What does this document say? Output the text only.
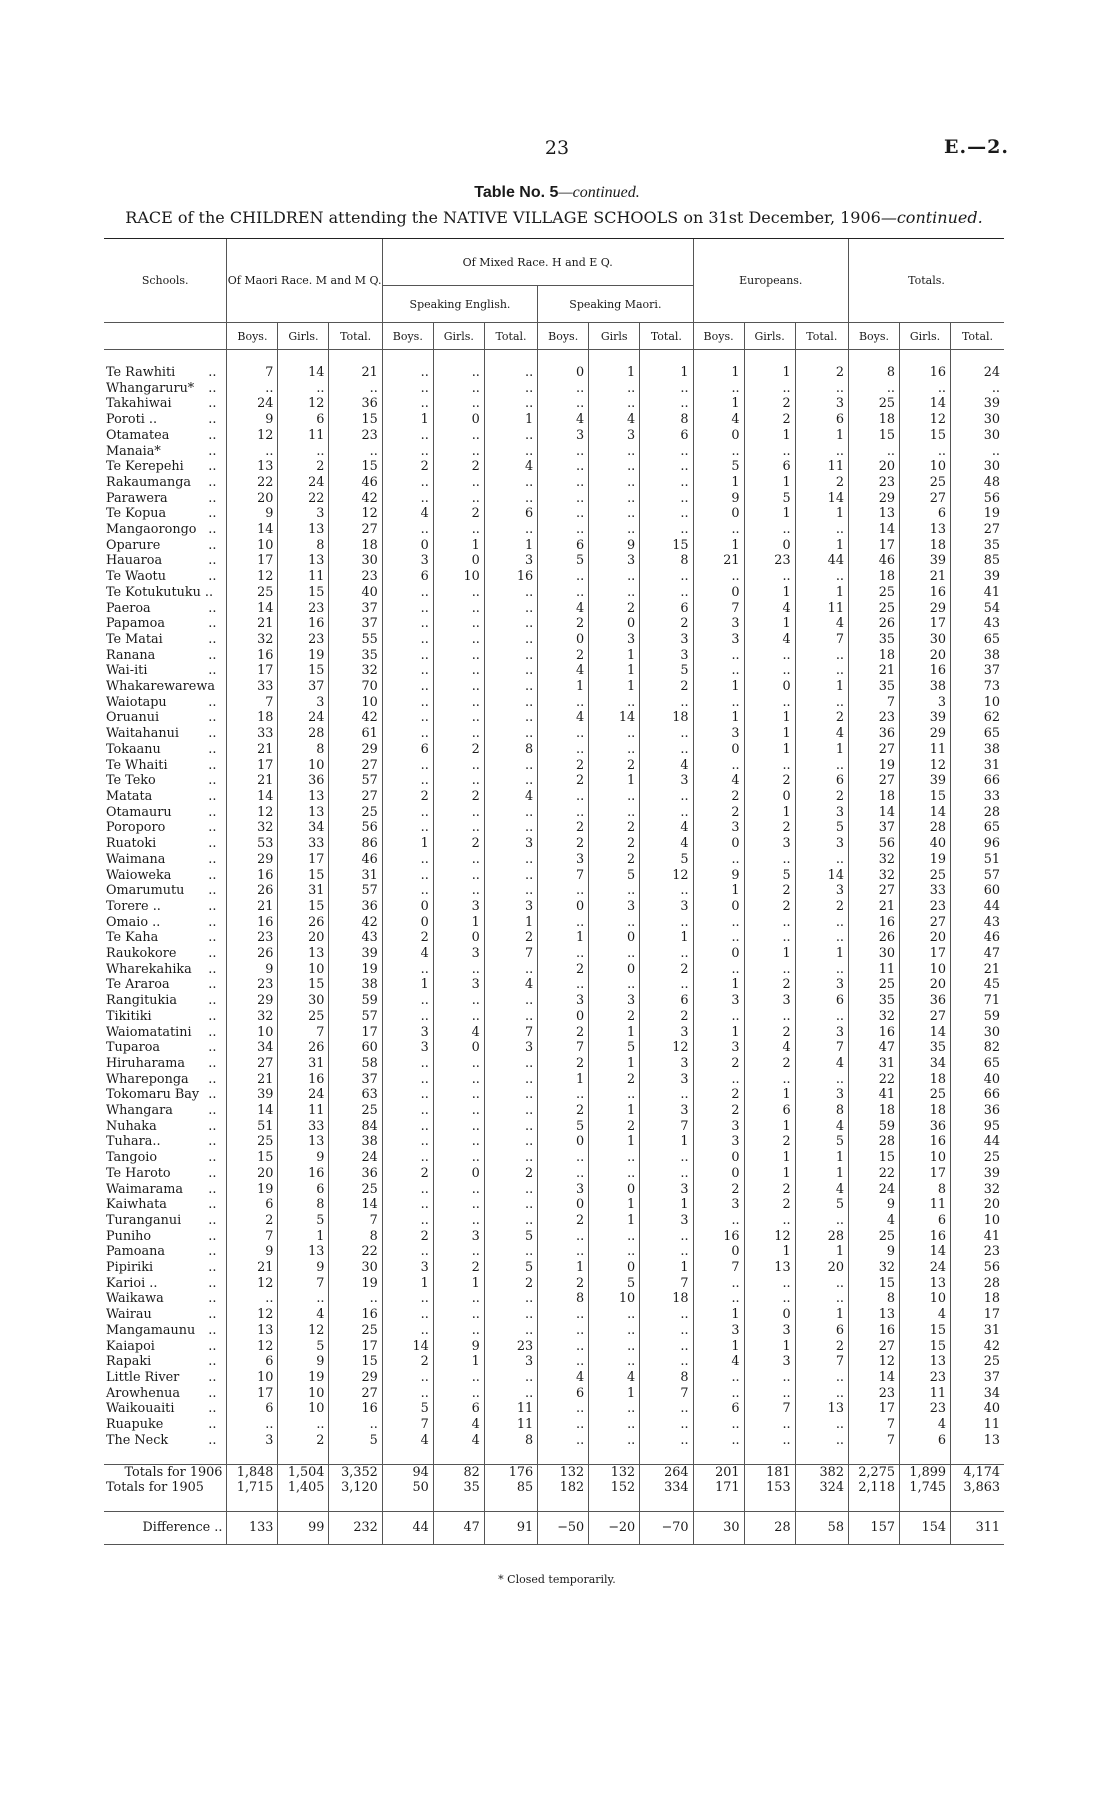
23	E.—2.
Table No. 5—continued.
RACE of the CHILDREN attending the NATIVE VILLAGE SCHOOLS on 31st December, 1906—continued.
Schools.	Of Maori Race. M and M Q.			Of Mixed Race. H and E Q.						Europeans.			Totals.		
				Speaking English.			Speaking Maori.								
	Boys.	Girls.	Total.	Boys.	Girls.	Total.	Boys.	Girls	Total.	Boys.	Girls.	Total.	Boys.	Girls.	Total.

Te Rawhiti ..	7	14	21	..	..	..	0	1	1	1	1	2	8	16	24
Whangaruru* ..	..	..	..	..	..	..	..	..	..	..	..	..	..	..	..
Takahiwai ..	24	12	36	..	..	..	..	..	..	1	2	3	25	14	39
Poroti .. ..	9	6	15	1	0	1	4	4	8	4	2	6	18	12	30
Otamatea ..	12	11	23	..	..	..	3	3	6	0	1	1	15	15	30
Manaia* ..	..	..	..	..	..	..	..	..	..	..	..	..	..	..	..
Te Kerepehi ..	13	2	15	2	2	4	..	..	..	5	6	11	20	10	30
Rakaumanga ..	22	24	46	..	..	..	..	..	..	1	1	2	23	25	48
Parawera ..	20	22	42	..	..	..	..	..	..	9	5	14	29	27	56
Te Kopua ..	9	3	12	4	2	6	..	..	..	0	1	1	13	6	19
Mangaorongo ..	14	13	27	..	..	..	..	..	..	..	..	..	14	13	27
Oparure ..	10	8	18	0	1	1	6	9	15	1	0	1	17	18	35
Hauaroa ..	17	13	30	3	0	3	5	3	8	21	23	44	46	39	85
Te Waotu ..	12	11	23	6	10	16	..	..	..	..	..	..	18	21	39
Te Kotukutuku ..	25	15	40	..	..	..	..	..	..	0	1	1	25	16	41
Paeroa ..	14	23	37	..	..	..	4	2	6	7	4	11	25	29	54
Papamoa ..	21	16	37	..	..	..	2	0	2	3	1	4	26	17	43
Te Matai ..	32	23	55	..	..	..	0	3	3	3	4	7	35	30	65
Ranana ..	16	19	35	..	..	..	2	1	3	..	..	..	18	20	38
Wai-iti ..	17	15	32	..	..	..	4	1	5	..	..	..	21	16	37
Whakarewarewa	33	37	70	..	..	..	1	1	2	1	0	1	35	38	73
Waiotapu ..	7	3	10	..	..	..	..	..	..	..	..	..	7	3	10
Oruanui ..	18	24	42	..	..	..	4	14	18	1	1	2	23	39	62
Waitahanui ..	33	28	61	..	..	..	..	..	..	3	1	4	36	29	65
Tokaanu ..	21	8	29	6	2	8	..	..	..	0	1	1	27	11	38
Te Whaiti ..	17	10	27	..	..	..	2	2	4	..	..	..	19	12	31
Te Teko ..	21	36	57	..	..	..	2	1	3	4	2	6	27	39	66
Matata ..	14	13	27	2	2	4	..	..	..	2	0	2	18	15	33
Otamauru ..	12	13	25	..	..	..	..	..	..	2	1	3	14	14	28
Poroporo ..	32	34	56	..	..	..	2	2	4	3	2	5	37	28	65
Ruatoki ..	53	33	86	1	2	3	2	2	4	0	3	3	56	40	96
Waimana ..	29	17	46	..	..	..	3	2	5	..	..	..	32	19	51
Waioweka ..	16	15	31	..	..	..	7	5	12	9	5	14	32	25	57
Omarumutu ..	26	31	57	..	..	..	..	..	..	1	2	3	27	33	60
Torere .. ..	21	15	36	0	3	3	0	3	3	0	2	2	21	23	44
Omaio .. ..	16	26	42	0	1	1	..	..	..	..	..	..	16	27	43
Te Kaha ..	23	20	43	2	0	2	1	0	1	..	..	..	26	20	46
Raukokore ..	26	13	39	4	3	7	..	..	..	0	1	1	30	17	47
Wharekahika ..	9	10	19	..	..	..	2	0	2	..	..	..	11	10	21
Te Araroa ..	23	15	38	1	3	4	..	..	..	1	2	3	25	20	45
Rangitukia ..	29	30	59	..	..	..	3	3	6	3	3	6	35	36	71
Tikitiki ..	32	25	57	..	..	..	0	2	2	..	..	..	32	27	59
Waiomatatini ..	10	7	17	3	4	7	2	1	3	1	2	3	16	14	30
Tuparoa ..	34	26	60	3	0	3	7	5	12	3	4	7	47	35	82
Hiruharama ..	27	31	58	..	..	..	2	1	3	2	2	4	31	34	65
Whareponga ..	21	16	37	..	..	..	1	2	3	..	..	..	22	18	40
Tokomaru Bay ..	39	24	63	..	..	..	..	..	..	2	1	3	41	25	66
Whangara ..	14	11	25	..	..	..	2	1	3	2	6	8	18	18	36
Nuhaka ..	51	33	84	..	..	..	5	2	7	3	1	4	59	36	95
Tuhara.. ..	25	13	38	..	..	..	0	1	1	3	2	5	28	16	44
Tangoio ..	15	9	24	..	..	..	..	..	..	0	1	1	15	10	25
Te Haroto ..	20	16	36	2	0	2	..	..	..	0	1	1	22	17	39
Waimarama ..	19	6	25	..	..	..	3	0	3	2	2	4	24	8	32
Kaiwhata ..	6	8	14	..	..	..	0	1	1	3	2	5	9	11	20
Turanganui ..	2	5	7	..	..	..	2	1	3	..	..	..	4	6	10
Puniho ..	7	1	8	2	3	5	..	..	..	16	12	28	25	16	41
Pamoana ..	9	13	22	..	..	..	..	..	..	0	1	1	9	14	23
Pipiriki ..	21	9	30	3	2	5	1	0	1	7	13	20	32	24	56
Karioi .. ..	12	7	19	1	1	2	2	5	7	..	..	..	15	13	28
Waikawa ..	..	..	..	..	..	..	8	10	18	..	..	..	8	10	18
Wairau ..	12	4	16	..	..	..	..	..	..	1	0	1	13	4	17
Mangamaunu ..	13	12	25	..	..	..	..	..	..	3	3	6	16	15	31
Kaiapoi ..	12	5	17	14	9	23	..	..	..	1	1	2	27	15	42
Rapaki ..	6	9	15	2	1	3	..	..	..	4	3	7	12	13	25
Little River ..	10	19	29	..	..	..	4	4	8	..	..	..	14	23	37
Arowhenua ..	17	10	27	..	..	..	6	1	7	..	..	..	23	11	34
Waikouaiti ..	6	10	16	5	6	11	..	..	..	6	7	13	17	23	40
Ruapuke ..	..	..	..	7	4	11	..	..	..	..	..	..	7	4	11
The Neck ..	3	2	5	4	4	8	..	..	..	..	..	..	7	6	13

Totals for 1906	1,848	1,504	3,352	94	82	176	132	132	264	201	181	382	2,275	1,899	4,174
Totals for 1905	1,715	1,405	3,120	50	35	85	182	152	334	171	153	324	2,118	1,745	3,863

Difference ..	133	99	232	44	47	91	−50	−20	−70	30	28	58	157	154	311
* Closed temporarily.
